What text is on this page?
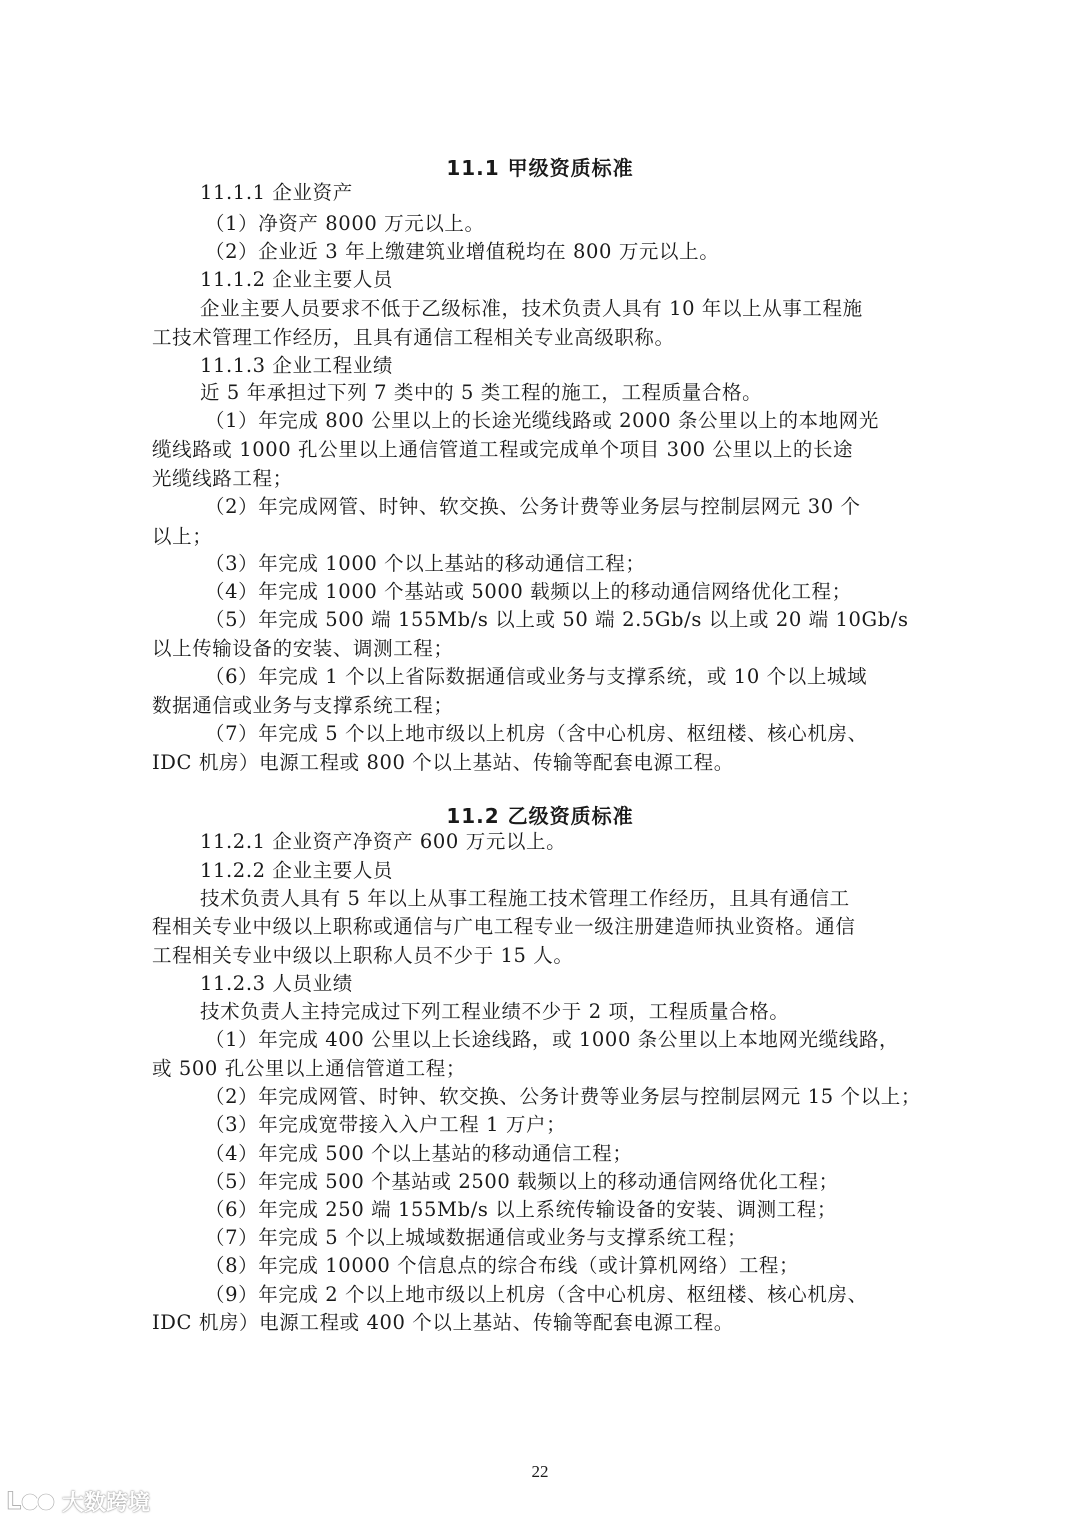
11.1 甲级资质标准
11.1.1 企业资产
（1）净资产 8000 万元以上。
（2）企业近 3 年上缴建筑业增值税均在 800 万元以上。
11.1.2 企业主要人员
企业主要人员要求不低于乙级标准，技术负责人具有 10 年以上从事工程施
工技术管理工作经历，且具有通信工程相关专业高级职称。
11.1.3 企业工程业绩
近 5 年承担过下列 7 类中的 5 类工程的施工，工程质量合格。
（1）年完成 800 公里以上的长途光缆线路或 2000 条公里以上的本地网光
缆线路或 1000 孔公里以上通信管道工程或完成单个项目 300 公里以上的长途
光缆线路工程；
（2）年完成网管、时钟、软交换、公务计费等业务层与控制层网元 30 个
以上；
（3）年完成 1000 个以上基站的移动通信工程；
（4）年完成 1000 个基站或 5000 载频以上的移动通信网络优化工程；
（5）年完成 500 端 155Mb/s 以上或 50 端 2.5Gb/s 以上或 20 端 10Gb/s
以上传输设备的安装、调测工程；
（6）年完成 1 个以上省际数据通信或业务与支撑系统，或 10 个以上城域
数据通信或业务与支撑系统工程；
（7）年完成 5 个以上地市级以上机房（含中心机房、枢纽楼、核心机房、
IDC 机房）电源工程或 800 个以上基站、传输等配套电源工程。
11.2 乙级资质标准
11.2.1 企业资产净资产 600 万元以上。
11.2.2 企业主要人员
技术负责人具有 5 年以上从事工程施工技术管理工作经历，且具有通信工
程相关专业中级以上职称或通信与广电工程专业一级注册建造师执业资格。通信
工程相关专业中级以上职称人员不少于 15 人。
11.2.3 人员业绩
技术负责人主持完成过下列工程业绩不少于 2 项，工程质量合格。
（1）年完成 400 公里以上长途线路，或 1000 条公里以上本地网光缆线路，
或 500 孔公里以上通信管道工程；
（2）年完成网管、时钟、软交换、公务计费等业务层与控制层网元 15 个以上；
（3）年完成宽带接入入户工程 1 万户；
（4）年完成 500 个以上基站的移动通信工程；
（5）年完成 500 个基站或 2500 载频以上的移动通信网络优化工程；
（6）年完成 250 端 155Mb/s 以上系统传输设备的安装、调测工程；
（7）年完成 5 个以上城域数据通信或业务与支撑系统工程；
（8）年完成 10000 个信息点的综合布线（或计算机网络）工程；
（9）年完成 2 个以上地市级以上机房（含中心机房、枢纽楼、核心机房、
IDC 机房）电源工程或 400 个以上基站、传输等配套电源工程。
22
L 大数跨境
